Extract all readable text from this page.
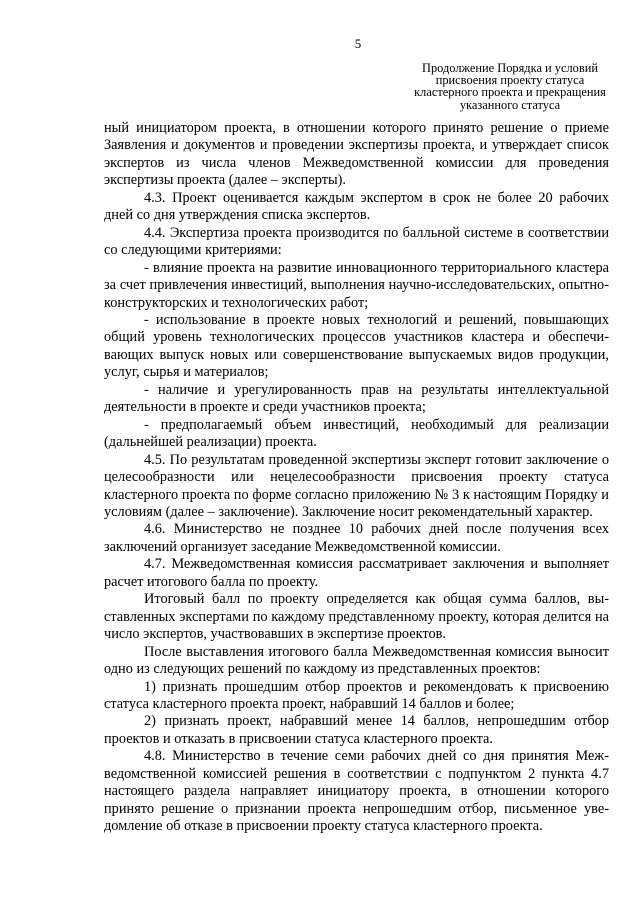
5
Продолжение Порядка и условий
присвоения проекту статуса
кластерного проекта и прекращения
указанного статуса

ный инициатором проекта, в отношении которого принято решение о приеме Заявления и документов и проведении экспертизы проекта, и утверждает список экспертов из числа членов Межведомственной комиссии для проведения экспертизы проекта (далее – эксперты).

4.3. Проект оценивается каждым экспертом в срок не более 20 рабочих дней со дня утверждения списка экспертов.

4.4. Экспертиза проекта производится по балльной системе в соответствии со следующими критериями:

- влияние проекта на развитие инновационного территориального кластера за счет привлечения инвестиций, выполнения научно-исследовательских, опытно-конструкторских и технологических работ;

- использование в проекте новых технологий и решений, повышающих общий уровень технологических процессов участников кластера и обеспечивающих выпуск новых или совершенствование выпускаемых видов продукции, услуг, сырья и материалов;

- наличие и урегулированность прав на результаты интеллектуальной деятельности в проекте и среди участников проекта;

- предполагаемый объем инвестиций, необходимый для реализации (дальнейшей реализации) проекта.

4.5. По результатам проведенной экспертизы эксперт готовит заключение о целесообразности или нецелесообразности присвоения проекту статуса кластерного проекта по форме согласно приложению № 3 к настоящим Порядку и условиям (далее – заключение). Заключение носит рекомендательный характер.

4.6. Министерство не позднее 10 рабочих дней после получения всех заключений организует заседание Межведомственной комиссии.

4.7. Межведомственная комиссия рассматривает заключения и выполняет расчет итогового балла по проекту.

Итоговый балл по проекту определяется как общая сумма баллов, выставленных экспертами по каждому представленному проекту, которая делится на число экспертов, участвовавших в экспертизе проектов.

После выставления итогового балла Межведомственная комиссия выносит одно из следующих решений по каждому из представленных проектов:

1) признать прошедшим отбор проектов и рекомендовать к присвоению статуса кластерного проекта проект, набравший 14 баллов и более;

2) признать проект, набравший менее 14 баллов, непрошедшим отбор проектов и отказать в присвоении статуса кластерного проекта.

4.8. Министерство в течение семи рабочих дней со дня принятия Межведомственной комиссией решения в соответствии с подпунктом 2 пункта 4.7 настоящего раздела направляет инициатору проекта, в отношении которого принято решение о признании проекта непрошедшим отбор, письменное уведомление об отказе в присвоении проекту статуса кластерного проекта.
